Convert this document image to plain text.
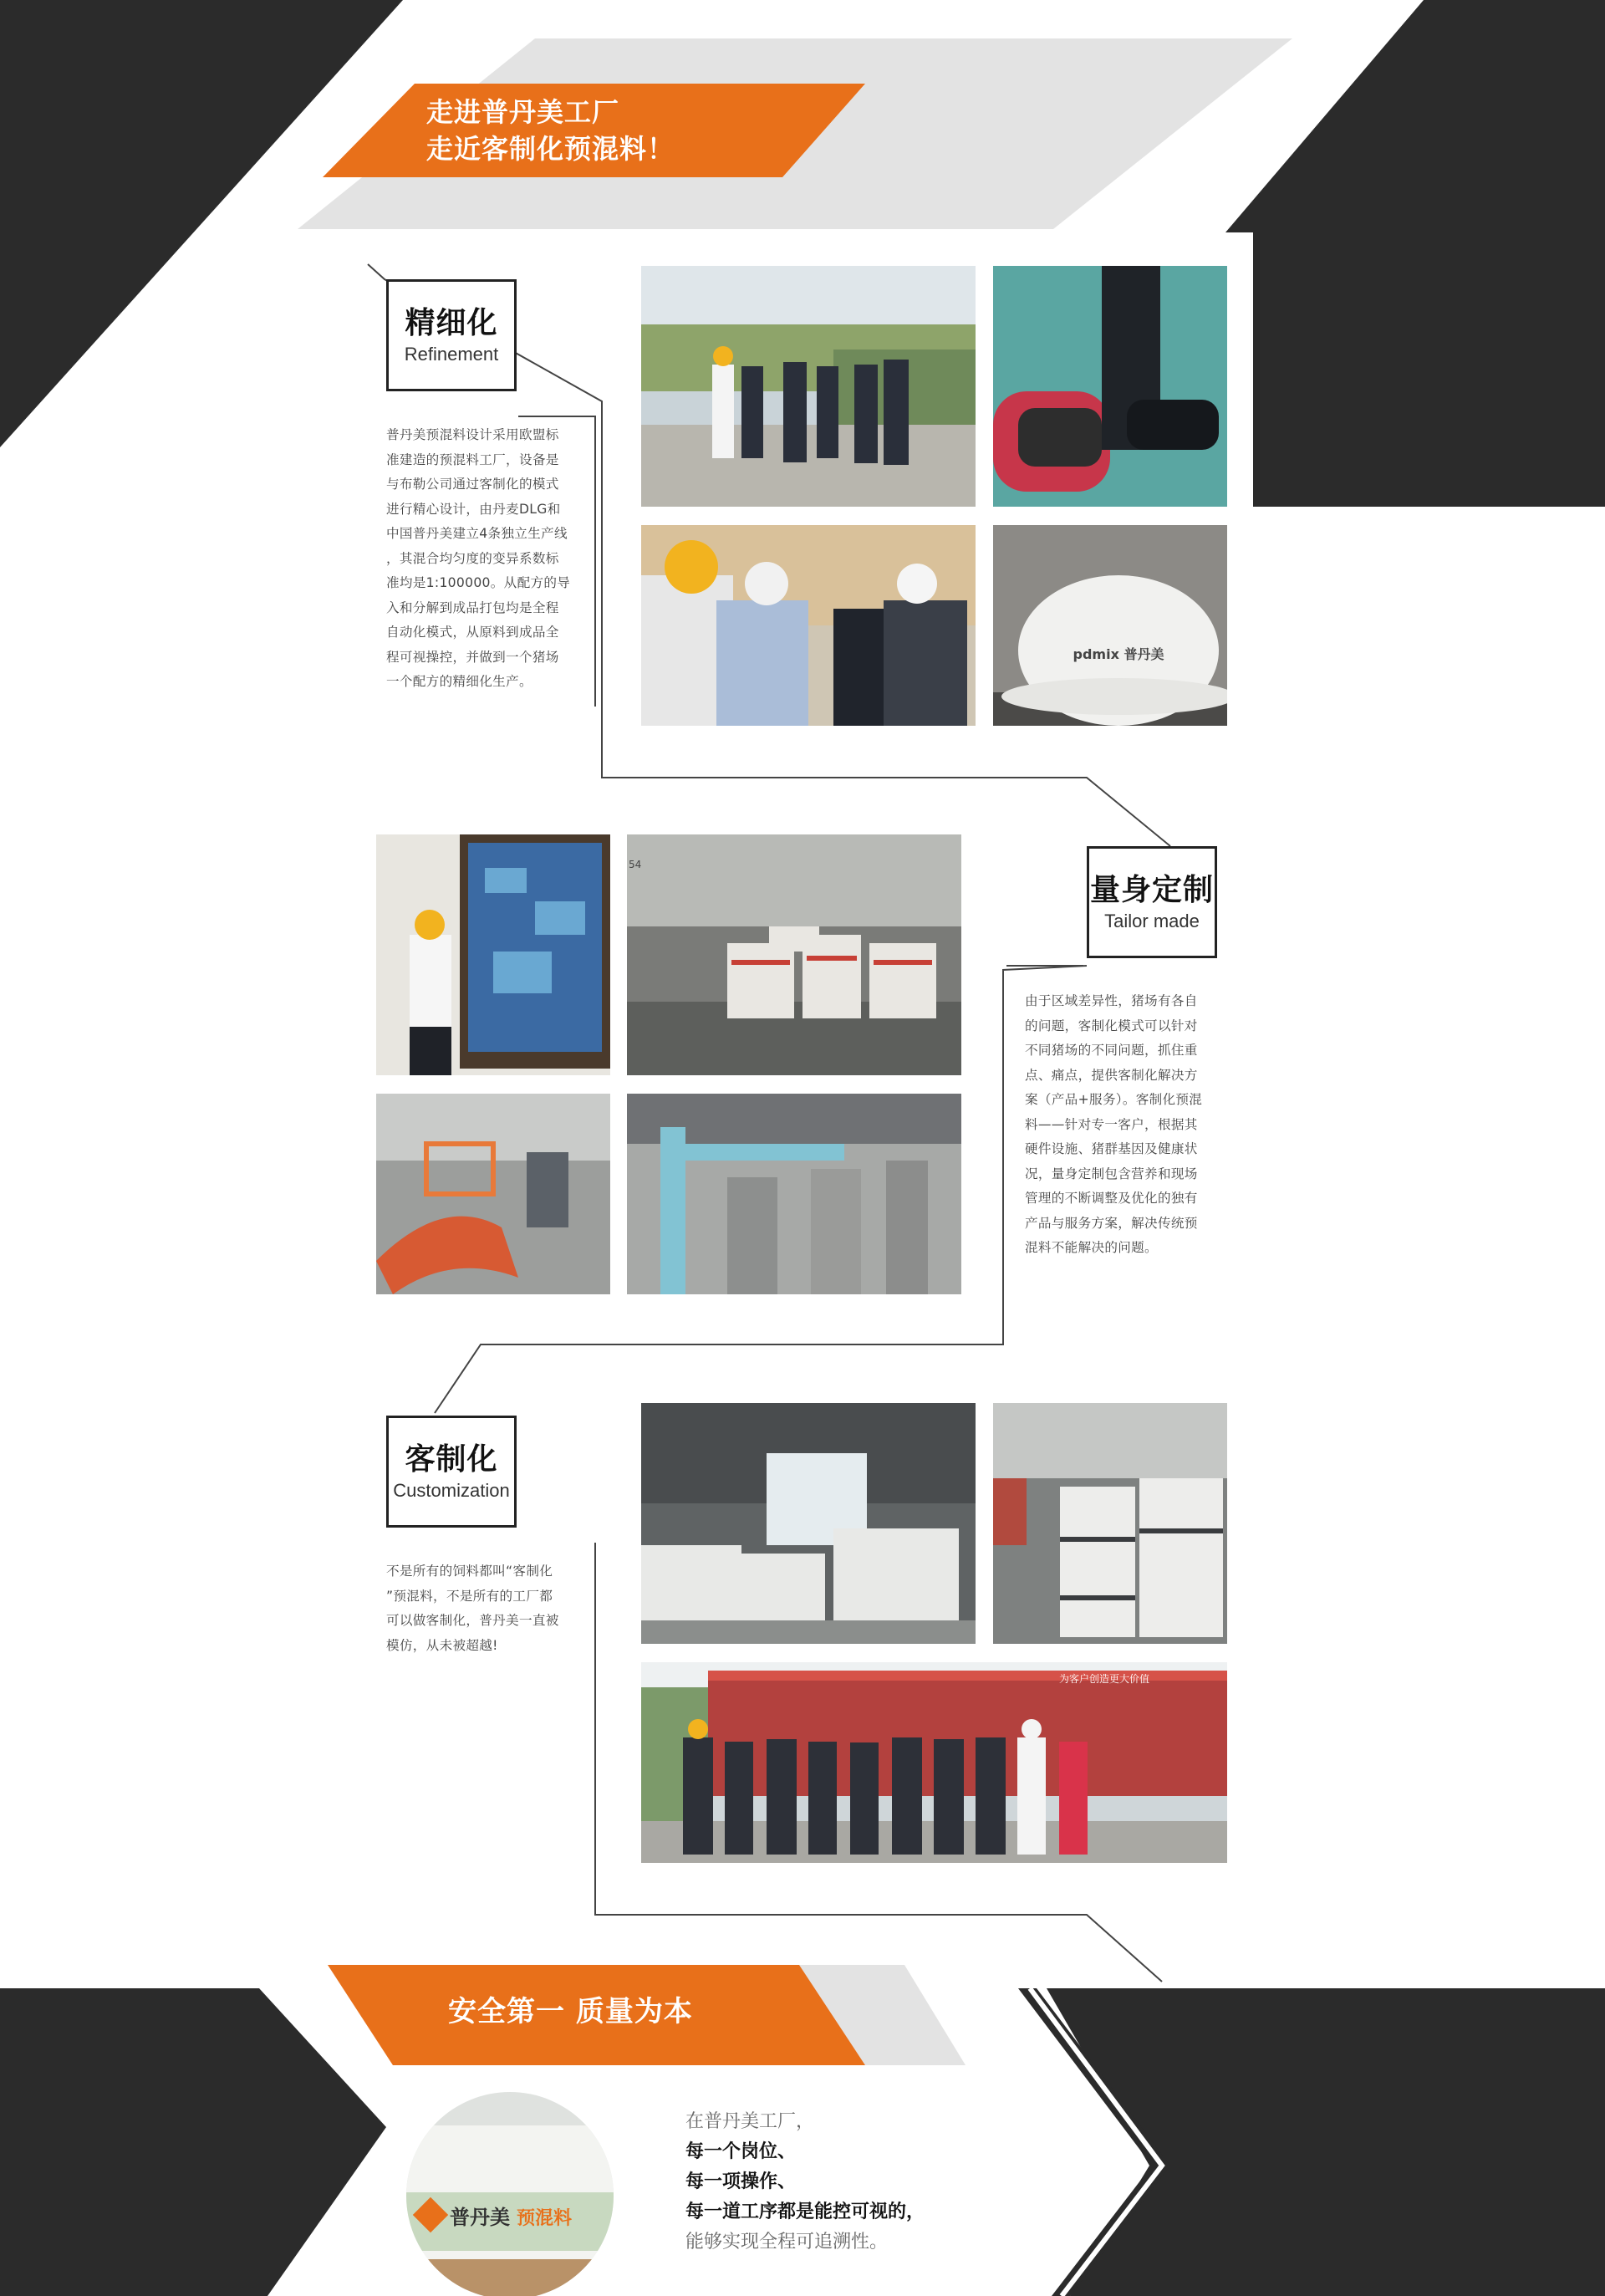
走进普丹美工厂
走近客制化预混料！
精细化
Refinement

普丹美预混料设计采用欧盟标

准建造的预混料工厂，设备是

与布勒公司通过客制化的模式

进行精心设计，由丹麦DLG和

中国普丹美建立4条独立生产线

，其混合均匀度的变异系数标

准均是1:100000。从配方的导

入和分解到成品打包均是全程

自动化模式，从原料到成品全

程可视操控，并做到一个猪场

一个配方的精细化生产。

pdmix 普丹美
54
量身定制
Tailor made

由于区域差异性，猪场有各自

的问题，客制化模式可以针对

不同猪场的不同问题，抓住重

点、痛点，提供客制化解决方

案（产品+服务）。客制化预混

料——针对专一客户，根据其

硬件设施、猪群基因及健康状

况，量身定制包含营养和现场

管理的不断调整及优化的独有

产品与服务方案，解决传统预

混料不能解决的问题。

客制化
Customization

不是所有的饲料都叫“客制化

”预混料，不是所有的工厂都

可以做客制化，普丹美一直被

模仿，从未被超越!

为客户创造更大价值
安全第一 质量为本
普丹美 预混料
在普丹美工厂，
每一个岗位、
每一项操作、
每一道工序都是能控可视的，
能够实现全程可追溯性。
